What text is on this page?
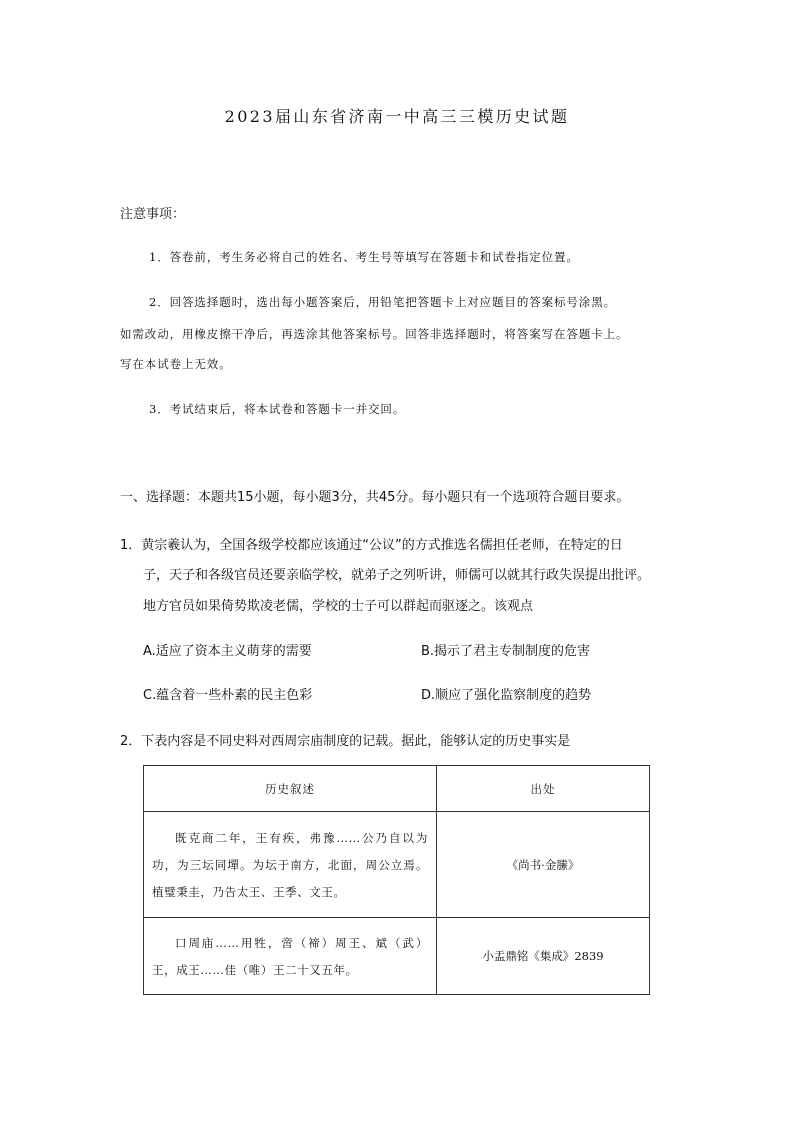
2023届山东省济南一中高三三模历史试题
注意事项：
1．答卷前，考生务必将自己的姓名、考生号等填写在答题卡和试卷指定位置。
2．回答选择题时，选出每小题答案后，用铅笔把答题卡上对应题目的答案标号涂黑。
如需改动，用橡皮擦干净后，再选涂其他答案标号。回答非选择题时，将答案写在答题卡上。
写在本试卷上无效。
3．考试结束后，将本试卷和答题卡一并交回。
一、选择题：本题共15小题，每小题3分，共45分。每小题只有一个选项符合题目要求。
1．黄宗羲认为，全国各级学校都应该通过“公议”的方式推选名儒担任老师，在特定的日
子，天子和各级官员还要亲临学校，就弟子之列听讲，师儒可以就其行政失误提出批评。
地方官员如果倚势欺凌老儒，学校的士子可以群起而驱逐之。该观点
A.适应了资本主义萌芽的需要	B.揭示了君主专制制度的危害
C.蕴含着一些朴素的民主色彩	D.顺应了强化监察制度的趋势
2．下表内容是不同史料对西周宗庙制度的记载。据此，能够认定的历史事实是
历史叙述	出处

既克商二年，王有疾，弗豫……公乃自以为功，为三坛同墠。为坛于南方，北面，周公立焉。植璧秉圭，乃告太王、王季、文王。	《尚书·金縢》

口周庙……用牲，啻（禘）周王、斌（武）王，成王……佳（唯）王二十又五年。	小盂鼎铭《集成》2839
